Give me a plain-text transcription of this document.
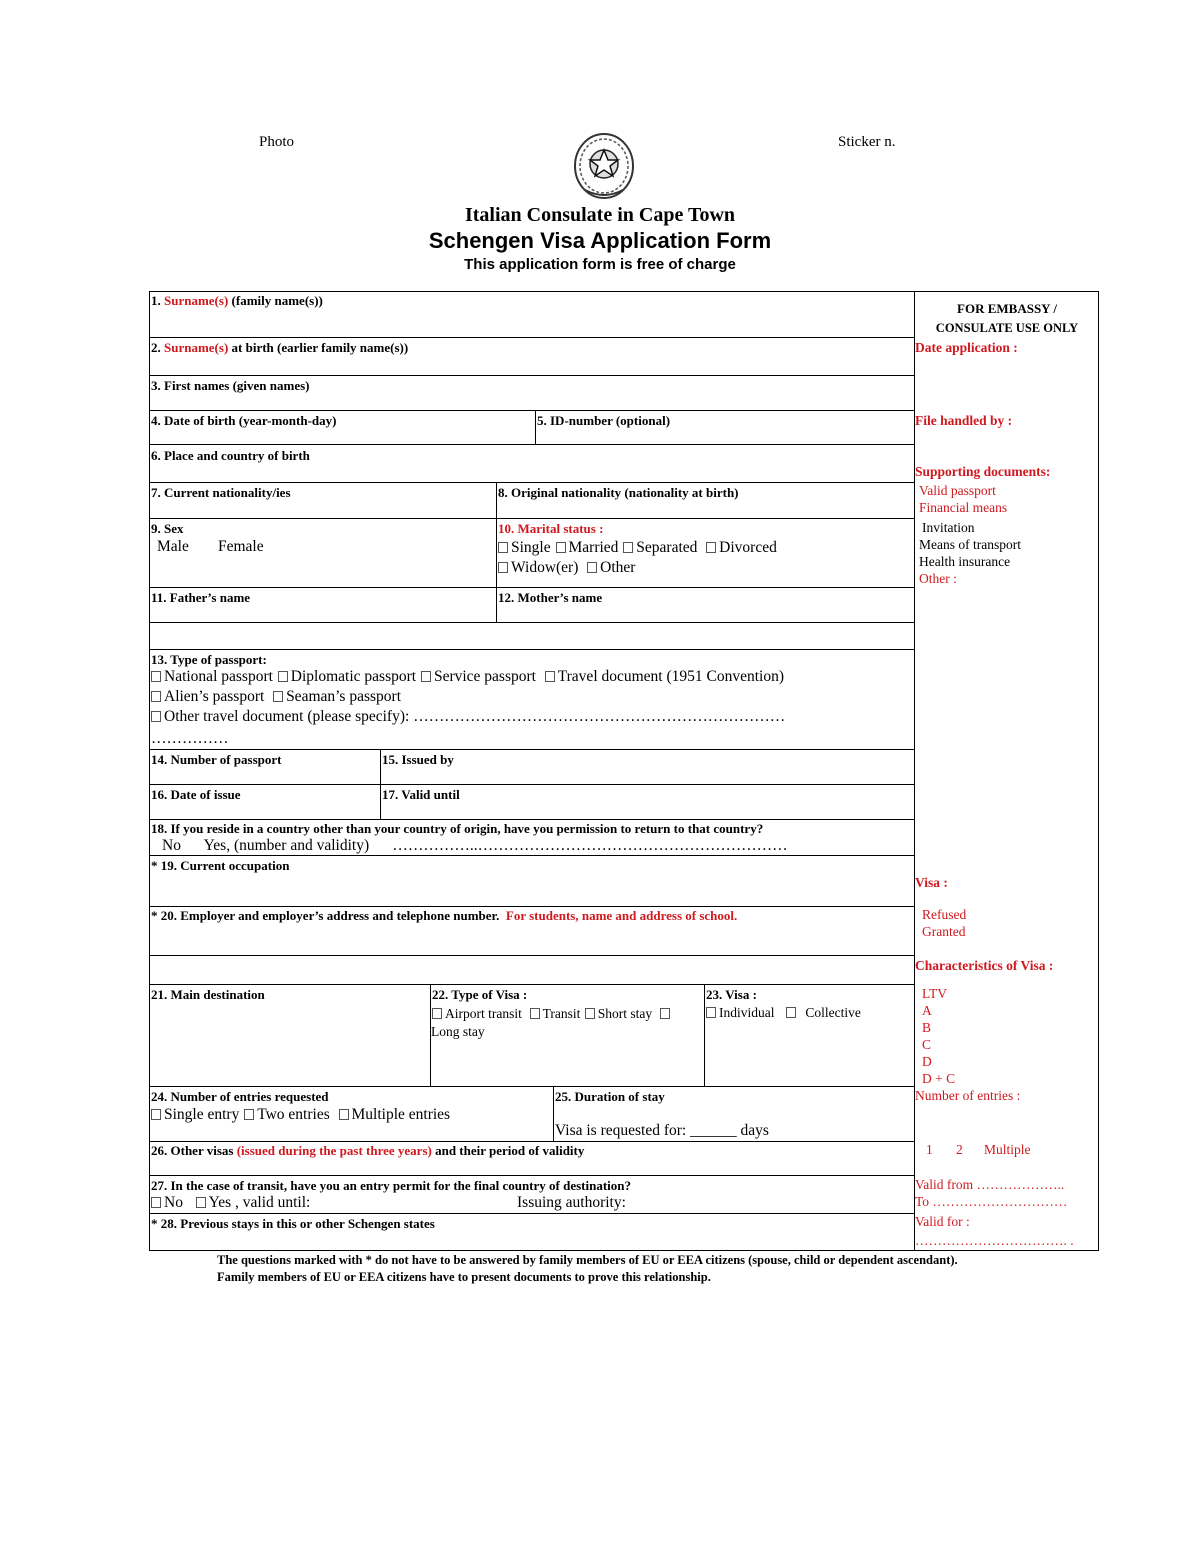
Photo	Sticker n.
Italian Consulate in Cape Town
Schengen Visa Application Form
This application form is free of charge
1. Surname(s) (family name(s))
2. Surname(s) at birth (earlier family name(s))
3. First names (given names)
4. Date of birth (year-month-day)	5. ID-number (optional)
6. Place and country of birth
7. Current nationality/ies	8. Original nationality (nationality at birth)
9. Sex
Male Female
10. Marital status :
Single Married Separated Divorced
Widow(er) Other
11. Father’s name	12. Mother’s name
13. Type of passport:
National passport Diplomatic passport Service passport Travel document (1951 Convention)
Alien’s passport Seaman’s passport
Other travel document (please specify): ………………………………………………………………
……………
14. Number of passport	15. Issued by
16. Date of issue	17. Valid until
18. If you reside in a country other than your country of origin, have you permission to return to that country?
No Yes, (number and validity) ……………..……………………………………………………
* 19. Current occupation
* 20. Employer and employer’s address and telephone number. For students, name and address of school.
21. Main destination	22. Type of Visa :
Airport transit Transit Short stay
Long stay
23. Visa :
Individual Collective
24. Number of entries requested
Single entry Two entries Multiple entries
25. Duration of stay
Visa is requested for: ______ days
26. Other visas (issued during the past three years) and their period of validity
27. In the case of transit, have you an entry permit for the final country of destination?
No Yes , valid until:	Issuing authority:
* 28. Previous stays in this or other Schengen states
FOR EMBASSY /
CONSULATE USE ONLY
Date application :
File handled by :
Supporting documents:
Valid passport
Financial means
Invitation
Means of transport
Health insurance
Other :
Visa :
Refused
Granted
Characteristics of Visa :
LTV
A
B
C
D
D + C
Number of entries :
1 2 Multiple
Valid from ………………..
To …………………………
Valid for :
……………………………. .
The questions marked with * do not have to be answered by family members of EU or EEA citizens (spouse, child or dependent ascendant). Family members of EU or EEA citizens have to present documents to prove this relationship.
